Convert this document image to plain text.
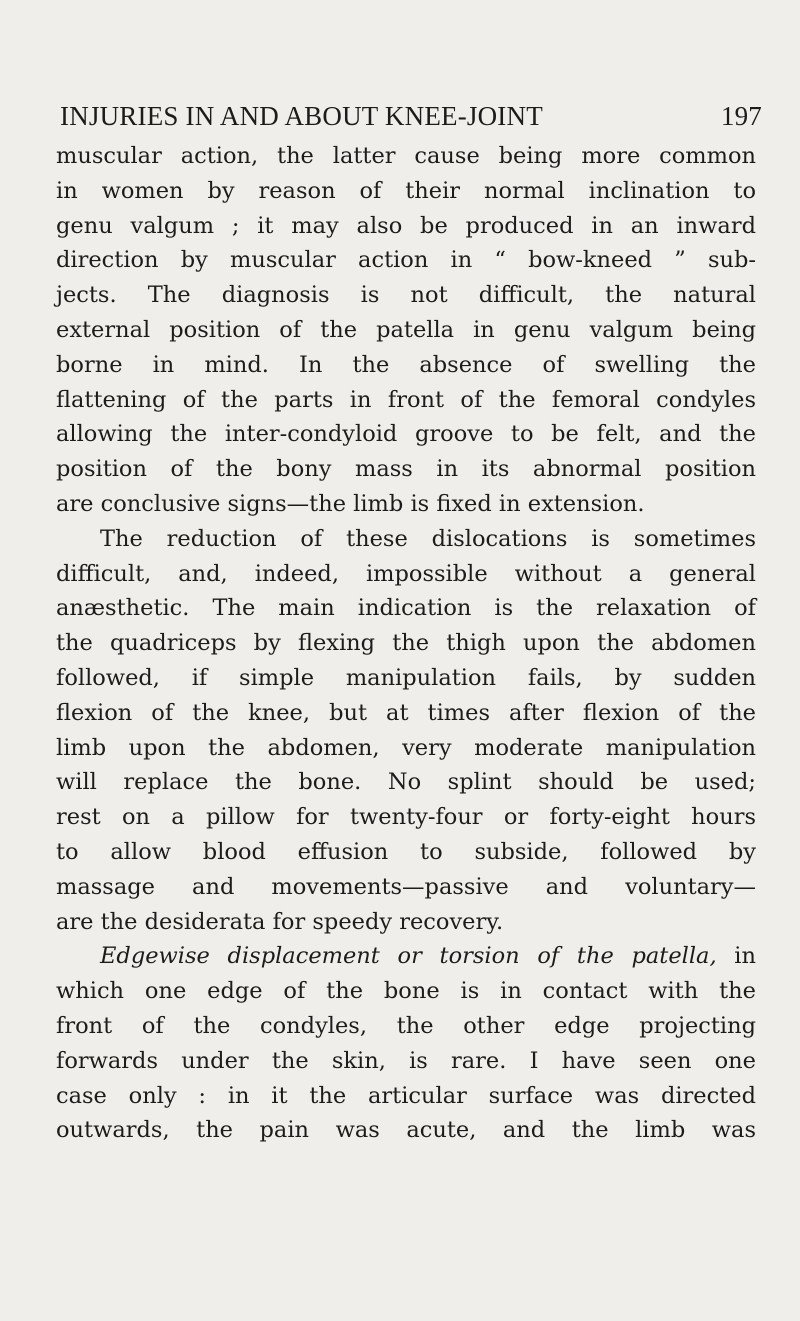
INJURIES IN AND ABOUT KNEE-JOINT	197
muscular action, the latter cause being more common
in women by reason of their normal inclination to
genu valgum ; it may also be produced in an inward
direction by muscular action in “ bow-kneed ” sub-
jects. The diagnosis is not difficult, the natural
external position of the patella in genu valgum being
borne in mind. In the absence of swelling the
flattening of the parts in front of the femoral condyles
allowing the inter-condyloid groove to be felt, and the
position of the bony mass in its abnormal position
are conclusive signs—the limb is fixed in extension.
The reduction of these dislocations is sometimes
difficult, and, indeed, impossible without a general
anæsthetic. The main indication is the relaxation of
the quadriceps by flexing the thigh upon the abdomen
followed, if simple manipulation fails, by sudden
flexion of the knee, but at times after flexion of the
limb upon the abdomen, very moderate manipulation
will replace the bone. No splint should be used;
rest on a pillow for twenty-four or forty-eight hours
to allow blood effusion to subside, followed by
massage and movements—passive and voluntary—
are the desiderata for speedy recovery.
Edgewise displacement or torsion of the patella, in
which one edge of the bone is in contact with the
front of the condyles, the other edge projecting
forwards under the skin, is rare. I have seen one
case only : in it the articular surface was directed
outwards, the pain was acute, and the limb was
